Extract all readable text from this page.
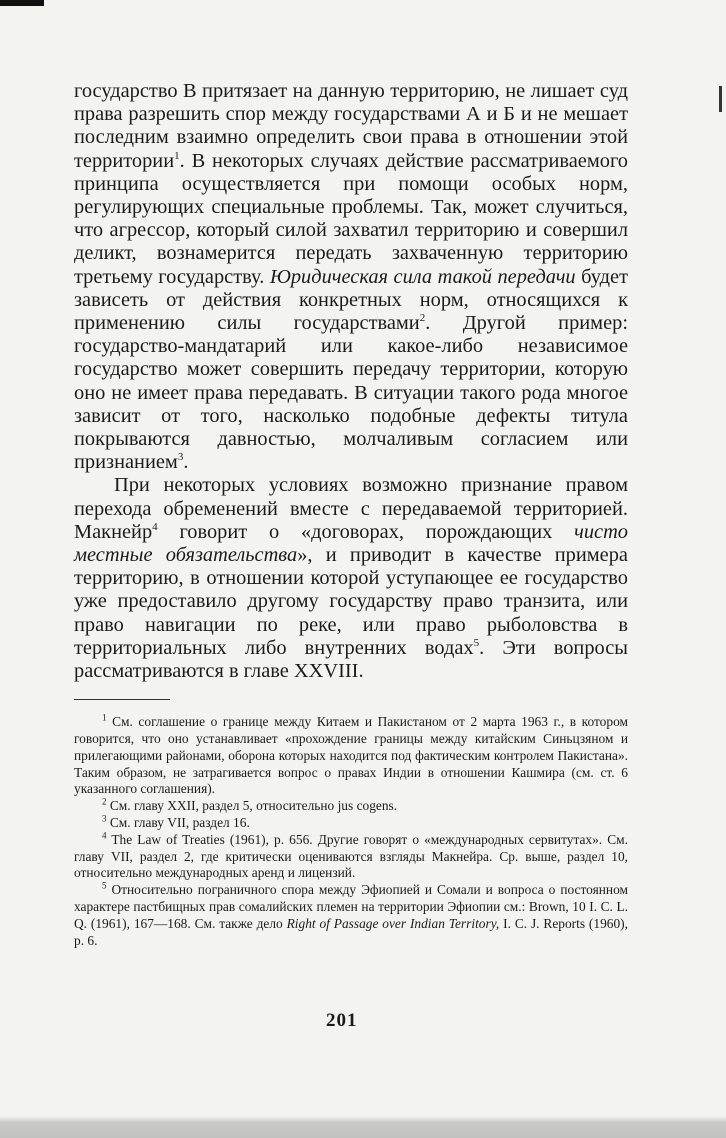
государство В притязает на данную территорию, не лишает суд права разрешить спор между государствами А и Б и не мешает последним взаимно определить свои права в отношении этой территории$^1$. В некоторых случаях действие рассматриваемого принципа осуществляется при помощи особых норм, регулирующих специальные проблемы. Так, может случиться, что агрессор, который силой захватил территорию и совершил деликт, вознамерится передать захваченную территорию третьему государству. Юридическая сила такой передачи будет зависеть от действия конкретных норм, относящихся к применению силы государствами$^2$. Другой пример: государство-мандатарий или какое-либо независимое государство может совершить передачу территории, которую оно не имеет права передавать. В ситуации такого рода многое зависит от того, насколько подобные дефекты титула покрываются давностью, молчаливым согласием или признанием$^3$.

При некоторых условиях возможно признание правом перехода обременений вместе с передаваемой территорией. Макнейр$^4$ говорит о «договорах, порождающих чисто местные обязательства», и приводит в качестве примера территорию, в отношении которой уступающее ее государство уже предоставило другому государству право транзита, или право навигации по реке, или право рыболовства в территориальных либо внутренних водах$^5$. Эти вопросы рассматриваются в главе XXVIII.

$^1$ См. соглашение о границе между Китаем и Пакистаном от 2 марта 1963 г., в котором говорится, что оно устанавливает «прохождение границы между китайским Синьцзяном и прилегающими районами, оборона которых находится под фактическим контролем Пакистана». Таким образом, не затрагивается вопрос о правах Индии в отношении Кашмира (см. ст. 6 указанного соглашения).

$^2$ См. главу XXII, раздел 5, относительно jus cogens.

$^3$ См. главу VII, раздел 16.

$^4$ The Law of Treaties (1961), p. 656. Другие говорят о «международных сервитутах». См. главу VII, раздел 2, где критически оцениваются взгляды Макнейра. Ср. выше, раздел 10, относительно международных аренд и лицензий.

$^5$ Относительно пограничного спора между Эфиопией и Сомали и вопроса о постоянном характере пастбищных прав сомалийских племен на территории Эфиопии см.: Brown, 10 I. C. L. Q. (1961), 167—168. См. также дело Right of Passage over Indian Territory, I. C. J. Reports (1960), p. 6.

201
